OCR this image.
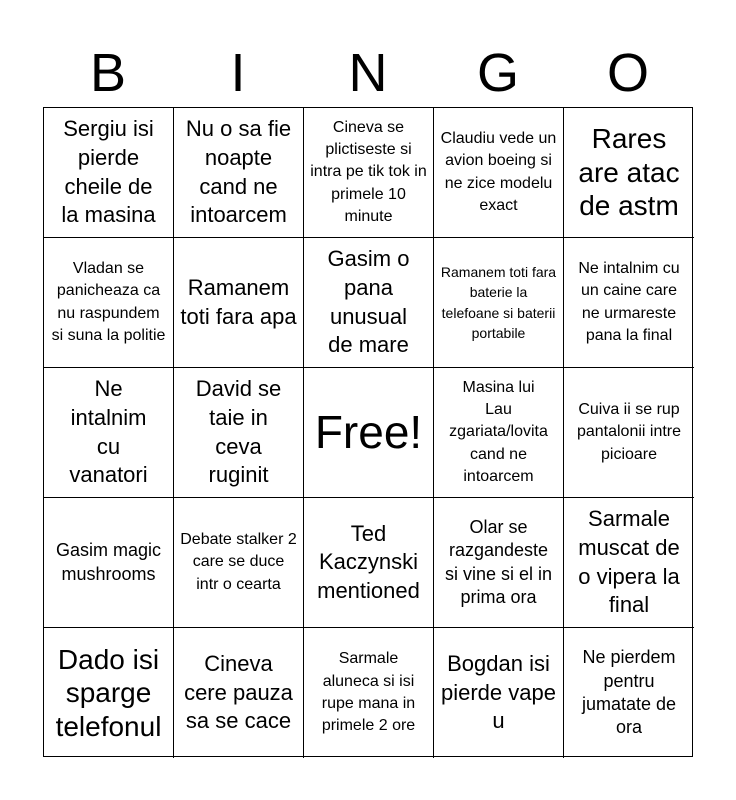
B	I	N	G	O
Sergiu isi pierde cheile de la masina
Nu o sa fie noapte cand ne intoarcem
Cineva se plictiseste si intra pe tik tok in primele 10 minute
Claudiu vede un avion boeing si ne zice modelu exact
Rares are atac de astm
Vladan se panicheaza ca nu raspundem si suna la politie
Ramanem toti fara apa
Gasim o pana unusual de mare
Ramanem toti fara baterie la telefoane si baterii portabile
Ne intalnim cu un caine care ne urmareste pana la final
Ne intalnim cu vanatori
David se taie in ceva ruginit
Free!
Masina lui Lau zgariata/lovita cand ne intoarcem
Cuiva ii se rup pantalonii intre picioare
Gasim magic mushrooms
Debate stalker 2 care se duce intr o cearta
Ted Kaczynski mentioned
Olar se razgandeste si vine si el in prima ora
Sarmale muscat de o vipera la final
Dado isi sparge telefonul
Cineva cere pauza sa se cace
Sarmale aluneca si isi rupe mana in primele 2 ore
Bogdan isi pierde vape u
Ne pierdem pentru jumatate de ora
